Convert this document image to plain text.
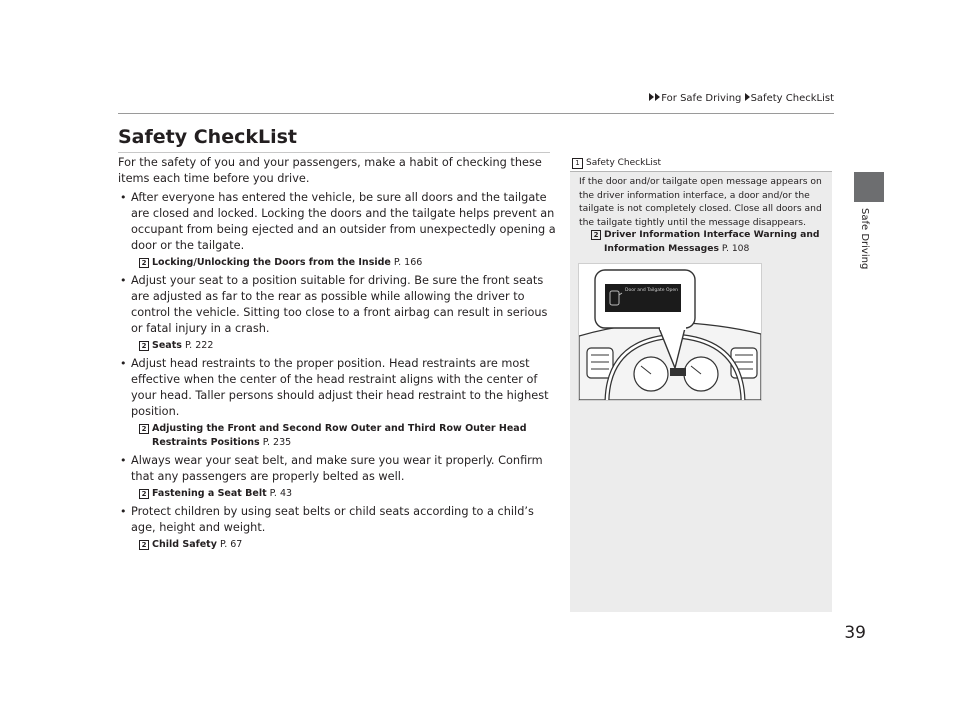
For Safe Driving Safety CheckList
Safe Driving
39
Safety CheckList

For the safety of you and your passengers, make a habit of checking these items each time before you drive.

• After everyone has entered the vehicle, be sure all doors and the tailgate are closed and locked. Locking the doors and the tailgate helps prevent an occupant from being ejected and an outsider from unexpectedly opening a door or the tailgate.

2 Locking/Unlocking the Doors from the Inside P. 166
• Adjust your seat to a position suitable for driving. Be sure the front seats are adjusted as far to the rear as possible while allowing the driver to control the vehicle. Sitting too close to a front airbag can result in serious or fatal injury in a crash.

2 Seats P. 222
• Adjust head restraints to the proper position. Head restraints are most effective when the center of the head restraint aligns with the center of your head. Taller persons should adjust their head restraint to the highest position.

2 Adjusting the Front and Second Row Outer and Third Row Outer Head
Restraints Positions P. 235
• Always wear your seat belt, and make sure you wear it properly. Confirm that any passengers are properly belted as well.

2 Fastening a Seat Belt P. 43
• Protect children by using seat belts or child seats according to a child’s age, height and weight.

2 Child Safety P. 67
1 Safety CheckList

If the door and/or tailgate open message appears on the driver information interface, a door and/or the tailgate is not completely closed. Close all doors and the tailgate tightly until the message disappears.

2 Driver Information Interface Warning and
Information Messages P. 108
Door and Tailgate Open
